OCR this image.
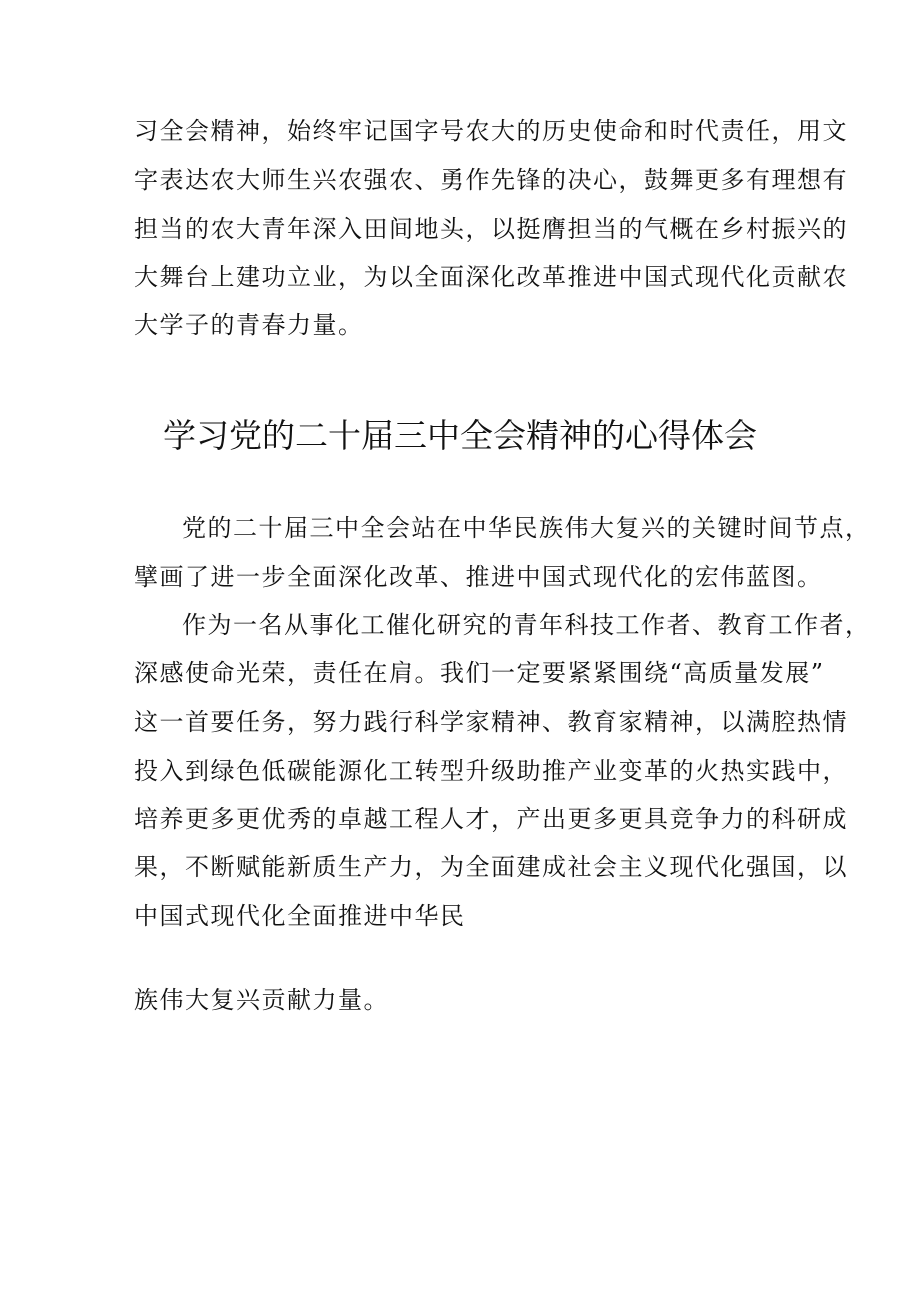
习全会精神，始终牢记国字号农大的历史使命和时代责任，用文
字表达农大师生兴农强农、勇作先锋的决心，鼓舞更多有理想有
担当的农大青年深入田间地头，以挺膺担当的气概在乡村振兴的
大舞台上建功立业，为以全面深化改革推进中国式现代化贡献农
大学子的青春力量。
学习党的二十届三中全会精神的心得体会
党的二十届三中全会站在中华民族伟大复兴的关键时间节点，
擘画了进一步全面深化改革、推进中国式现代化的宏伟蓝图。
作为一名从事化工催化研究的青年科技工作者、教育工作者，
深感使命光荣，责任在肩。我们一定要紧紧围绕“高质量发展”
这一首要任务，努力践行科学家精神、教育家精神，以满腔热情
投入到绿色低碳能源化工转型升级助推产业变革的火热实践中，
培养更多更优秀的卓越工程人才，产出更多更具竞争力的科研成
果，不断赋能新质生产力，为全面建成社会主义现代化强国，以
中国式现代化全面推进中华民
族伟大复兴贡献力量。
